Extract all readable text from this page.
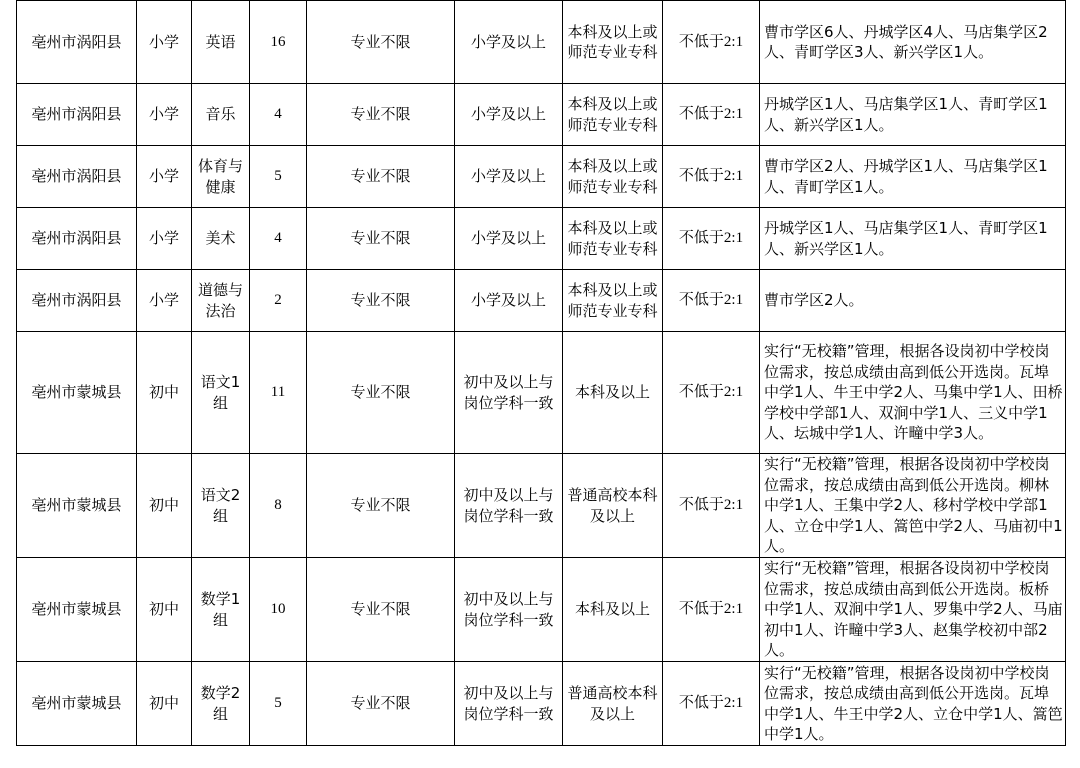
亳州市涡阳县	小学	英语	16	专业不限	小学及以上	本科及以上或师范专业专科	不低于2:1	曹市学区6人、丹城学区4人、马店集学区2人、青町学区3人、新兴学区1人。
亳州市涡阳县	小学	音乐	4	专业不限	小学及以上	本科及以上或师范专业专科	不低于2:1	丹城学区1人、马店集学区1人、青町学区1人、新兴学区1人。
亳州市涡阳县	小学	体育与健康	5	专业不限	小学及以上	本科及以上或师范专业专科	不低于2:1	曹市学区2人、丹城学区1人、马店集学区1人、青町学区1人。
亳州市涡阳县	小学	美术	4	专业不限	小学及以上	本科及以上或师范专业专科	不低于2:1	丹城学区1人、马店集学区1人、青町学区1人、新兴学区1人。
亳州市涡阳县	小学	道德与法治	2	专业不限	小学及以上	本科及以上或师范专业专科	不低于2:1	曹市学区2人。
亳州市蒙城县	初中	语文1组	11	专业不限	初中及以上与岗位学科一致	本科及以上	不低于2:1	实行“无校籍”管理，根据各设岗初中学校岗位需求，按总成绩由高到低公开选岗。瓦埠中学1人、牛王中学2人、马集中学1人、田桥学校中学部1人、双涧中学1人、三义中学1人、坛城中学1人、许疃中学3人。
亳州市蒙城县	初中	语文2组	8	专业不限	初中及以上与岗位学科一致	普通高校本科及以上	不低于2:1	实行“无校籍”管理，根据各设岗初中学校岗位需求，按总成绩由高到低公开选岗。柳林中学1人、王集中学2人、移村学校中学部1人、立仓中学1人、篙笆中学2人、马庙初中1人。
亳州市蒙城县	初中	数学1组	10	专业不限	初中及以上与岗位学科一致	本科及以上	不低于2:1	实行“无校籍”管理，根据各设岗初中学校岗位需求，按总成绩由高到低公开选岗。板桥中学1人、双涧中学1人、罗集中学2人、马庙初中1人、许疃中学3人、赵集学校初中部2人。
亳州市蒙城县	初中	数学2组	5	专业不限	初中及以上与岗位学科一致	普通高校本科及以上	不低于2:1	实行“无校籍”管理，根据各设岗初中学校岗位需求，按总成绩由高到低公开选岗。瓦埠中学1人、牛王中学2人、立仓中学1人、篙笆中学1人。
